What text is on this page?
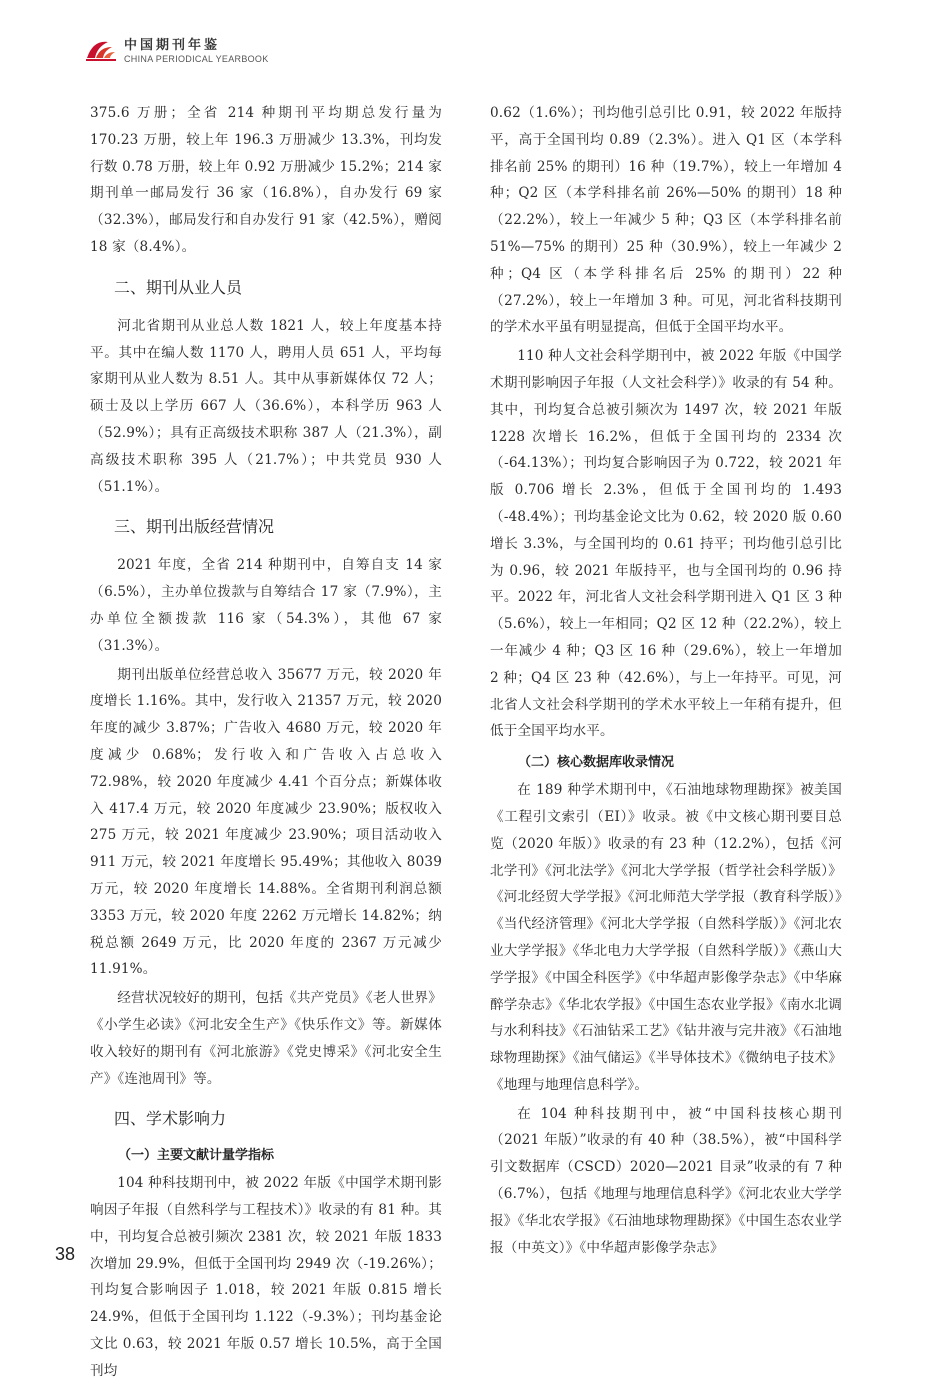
中国期刊年鉴
CHINA PERIODICAL YEARBOOK

375.6 万册；全省 214 种期刊平均期总发行量为 170.23 万册，较上年 196.3 万册减少 13.3%，刊均发行数 0.78 万册，较上年 0.92 万册减少 15.2%；214 家期刊单一邮局发行 36 家（16.8%），自办发行 69 家（32.3%），邮局发行和自办发行 91 家（42.5%），赠阅 18 家（8.4%）。

二、期刊从业人员

河北省期刊从业总人数 1821 人，较上年度基本持平。其中在编人数 1170 人，聘用人员 651 人，平均每家期刊从业人数为 8.51 人。其中从事新媒体仅 72 人；硕士及以上学历 667 人（36.6%），本科学历 963 人（52.9%）；具有正高级技术职称 387 人（21.3%），副高级技术职称 395 人（21.7%）；中共党员 930 人（51.1%）。

三、期刊出版经营情况

2021 年度，全省 214 种期刊中，自筹自支 14 家（6.5%），主办单位拨款与自筹结合 17 家（7.9%），主办单位全额拨款 116 家（54.3%），其他 67 家（31.3%）。

期刊出版单位经营总收入 35677 万元，较 2020 年度增长 1.16%。其中，发行收入 21357 万元，较 2020 年度的减少 3.87%；广告收入 4680 万元，较 2020 年度减少 0.68%；发行收入和广告收入占总收入 72.98%，较 2020 年度减少 4.41 个百分点；新媒体收入 417.4 万元，较 2020 年度减少 23.90%；版权收入 275 万元，较 2021 年度减少 23.90%；项目活动收入 911 万元，较 2021 年度增长 95.49%；其他收入 8039 万元，较 2020 年度增长 14.88%。全省期刊利润总额 3353 万元，较 2020 年度 2262 万元增长 14.82%；纳税总额 2649 万元，比 2020 年度的 2367 万元减少 11.91%。

经营状况较好的期刊，包括《共产党员》《老人世界》《小学生必读》《河北安全生产》《快乐作文》等。新媒体收入较好的期刊有《河北旅游》《党史博采》《河北安全生产》《连池周刊》等。

四、学术影响力
（一）主要文献计量学指标

104 种科技期刊中，被 2022 年版《中国学术期刊影响因子年报（自然科学与工程技术）》收录的有 81 种。其中，刊均复合总被引频次 2381 次，较 2021 年版 1833 次增加 29.9%，但低于全国刊均 2949 次（-19.26%）；刊均复合影响因子 1.018，较 2021 年版 0.815 增长 24.9%，但低于全国刊均 1.122（-9.3%）；刊均基金论文比 0.63，较 2021 年版 0.57 增长 10.5%，高于全国刊均

0.62（1.6%）；刊均他引总引比 0.91，较 2022 年版持平，高于全国刊均 0.89（2.3%）。进入 Q1 区（本学科排名前 25% 的期刊）16 种（19.7%），较上一年增加 4 种；Q2 区（本学科排名前 26%—50% 的期刊）18 种（22.2%），较上一年减少 5 种；Q3 区（本学科排名前 51%—75% 的期刊）25 种（30.9%），较上一年减少 2 种；Q4 区（本学科排名后 25% 的期刊）22 种（27.2%），较上一年增加 3 种。可见，河北省科技期刊的学术水平虽有明显提高，但低于全国平均水平。

110 种人文社会科学期刊中，被 2022 年版《中国学术期刊影响因子年报（人文社会科学）》收录的有 54 种。其中，刊均复合总被引频次为 1497 次，较 2021 年版 1228 次增长 16.2%，但低于全国刊均的 2334 次（-64.13%）；刊均复合影响因子为 0.722，较 2021 年版 0.706 增长 2.3%，但低于全国刊均的 1.493（-48.4%）；刊均基金论文比为 0.62，较 2020 版 0.60 增长 3.3%，与全国刊均的 0.61 持平；刊均他引总引比为 0.96，较 2021 年版持平，也与全国刊均的 0.96 持平。2022 年，河北省人文社会科学期刊进入 Q1 区 3 种（5.6%），较上一年相同；Q2 区 12 种（22.2%），较上一年减少 4 种；Q3 区 16 种（29.6%），较上一年增加 2 种；Q4 区 23 种（42.6%），与上一年持平。可见，河北省人文社会科学期刊的学术水平较上一年稍有提升，但低于全国平均水平。

（二）核心数据库收录情况

在 189 种学术期刊中，《石油地球物理勘探》被美国《工程引文索引（EI）》收录。被《中文核心期刊要目总览（2020 年版）》收录的有 23 种（12.2%），包括《河北学刊》《河北法学》《河北大学学报（哲学社会科学版）》《河北经贸大学学报》《河北师范大学学报（教育科学版）》《当代经济管理》《河北大学学报（自然科学版）》《河北农业大学学报》《华北电力大学学报（自然科学版）》《燕山大学学报》《中国全科医学》《中华超声影像学杂志》《中华麻醉学杂志》《华北农学报》《中国生态农业学报》《南水北调与水利科技》《石油钻采工艺》《钻井液与完井液》《石油地球物理勘探》《油气储运》《半导体技术》《微纳电子技术》《地理与地理信息科学》。

在 104 种科技期刊中，被“中国科技核心期刊（2021 年版）”收录的有 40 种（38.5%），被“中国科学引文数据库（CSCD）2020—2021 目录”收录的有 7 种（6.7%），包括《地理与地理信息科学》《河北农业大学学报》《华北农学报》《石油地球物理勘探》《中国生态农业学报（中英文）》《中华超声影像学杂志》

38
